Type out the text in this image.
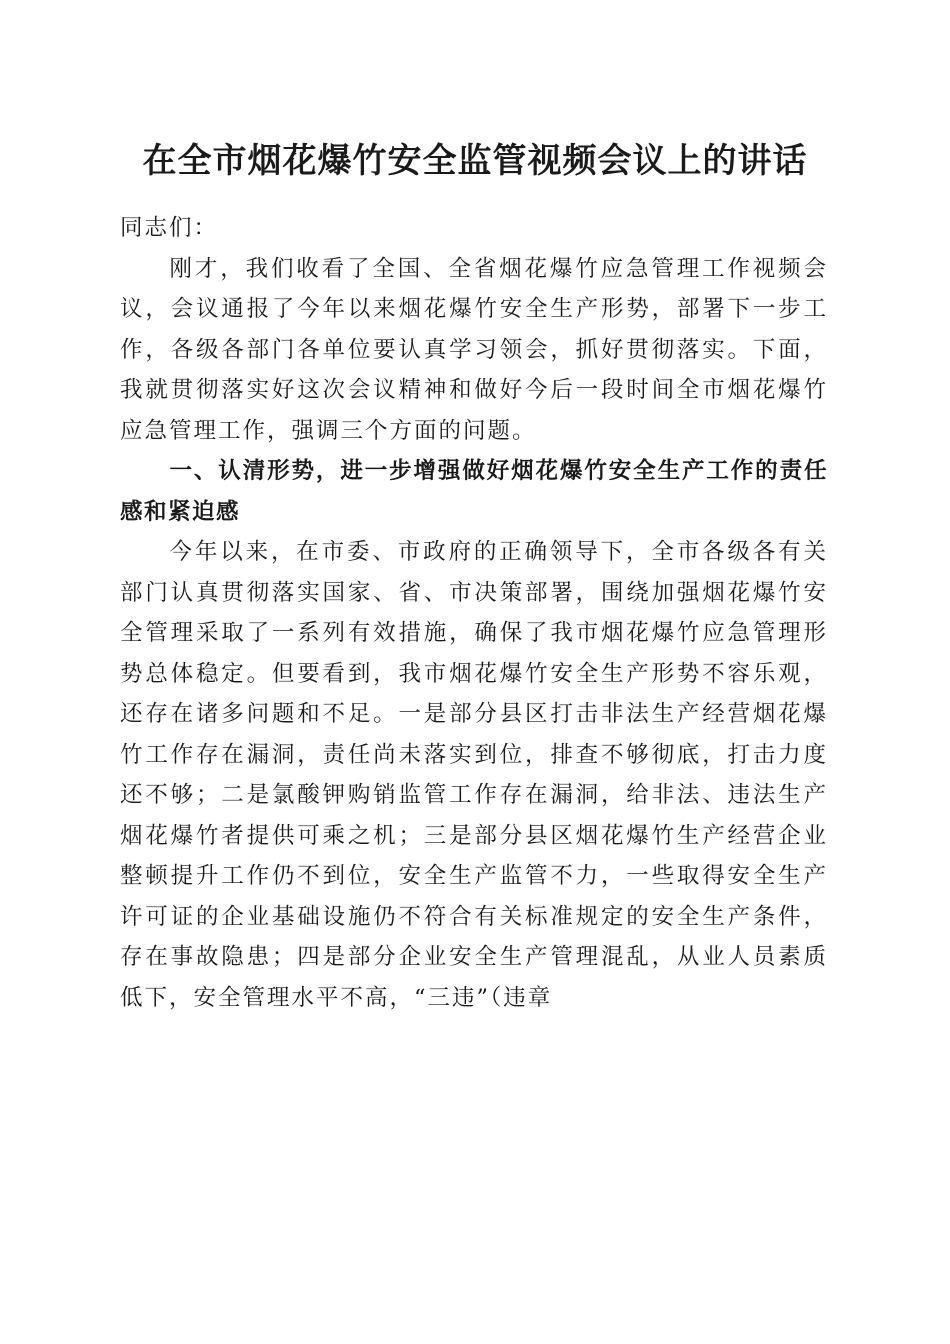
在全市烟花爆竹安全监管视频会议上的讲话

同志们：

刚才，我们收看了全国、全省烟花爆竹应急管理工作视频会议，会议通报了今年以来烟花爆竹安全生产形势，部署下一步工作，各级各部门各单位要认真学习领会，抓好贯彻落实。下面，我就贯彻落实好这次会议精神和做好今后一段时间全市烟花爆竹应急管理工作，强调三个方面的问题。

一、认清形势，进一步增强做好烟花爆竹安全生产工作的责任感和紧迫感

今年以来，在市委、市政府的正确领导下，全市各级各有关部门认真贯彻落实国家、省、市决策部署，围绕加强烟花爆竹安全管理采取了一系列有效措施，确保了我市烟花爆竹应急管理形势总体稳定。但要看到，我市烟花爆竹安全生产形势不容乐观，还存在诸多问题和不足。一是部分县区打击非法生产经营烟花爆竹工作存在漏洞，责任尚未落实到位，排查不够彻底，打击力度还不够；二是氯酸钾购销监管工作存在漏洞，给非法、违法生产烟花爆竹者提供可乘之机；三是部分县区烟花爆竹生产经营企业整顿提升工作仍不到位，安全生产监管不力，一些取得安全生产许可证的企业基础设施仍不符合有关标准规定的安全生产条件，存在事故隐患；四是部分企业安全生产管理混乱，从业人员素质低下，安全管理水平不高，“三违”（违章
